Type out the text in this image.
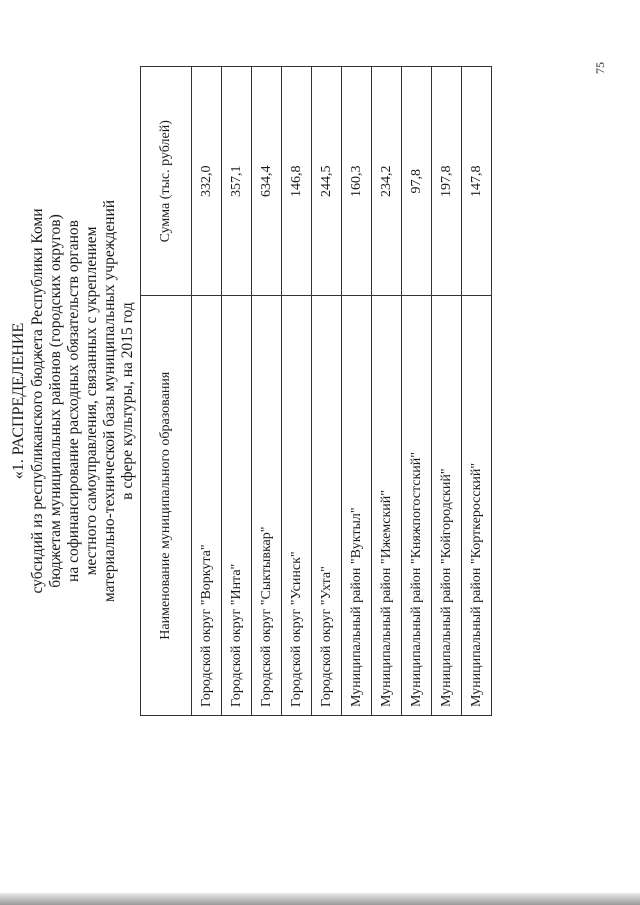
75
«1. РАСПРЕДЕЛЕНИЕ субсидий из республиканского бюджета Республики Коми бюджетам муниципальных районов (городских округов) на софинансирование расходных обязательств органов местного самоуправления, связанных с укреплением материально-технической базы муниципальных учреждений в сфере культуры, на 2015 год Наименование муниципального образования	Сумма (тыс. рублей)
Городской округ "Воркута"	332,0
Городской округ "Инта"	357,1
Городской округ "Сыктывкар"	634,4
Городской округ "Усинск"	146,8
Городской округ "Ухта"	244,5
Муниципальный район "Вуктыл"	160,3
Муниципальный район "Ижемский"	234,2
Муниципальный район "Княжпогостский"	97,8
Муниципальный район "Койгородский"	197,8
Муниципальный район "Корткеросский"	147,8
